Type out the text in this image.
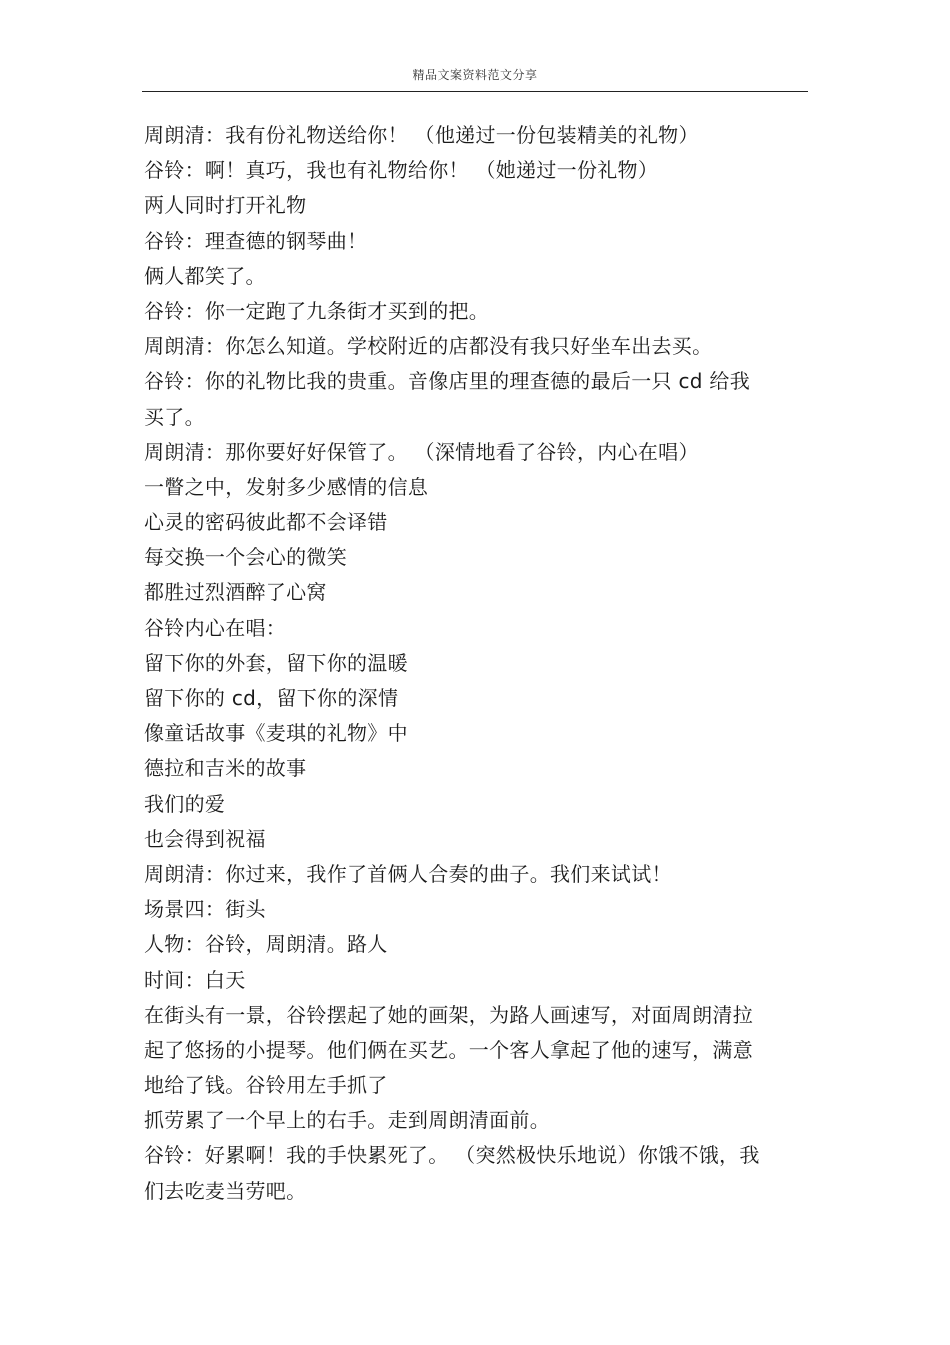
精品文案资料范文分享
周朗清：我有份礼物送给你！ （他递过一份包装精美的礼物）
谷铃：啊！真巧，我也有礼物给你！ （她递过一份礼物）
两人同时打开礼物
谷铃：理查德的钢琴曲！
俩人都笑了。
谷铃：你一定跑了九条街才买到的把。
周朗清：你怎么知道。学校附近的店都没有我只好坐车出去买。
谷铃：你的礼物比我的贵重。音像店里的理查德的最后一只 cd 给我
买了。
周朗清：那你要好好保管了。 （深情地看了谷铃，内心在唱）
一瞥之中，发射多少感情的信息
心灵的密码彼此都不会译错
每交换一个会心的微笑
都胜过烈酒醉了心窝
谷铃内心在唱：
留下你的外套，留下你的温暖
留下你的 cd，留下你的深情
像童话故事《麦琪的礼物》中
德拉和吉米的故事
我们的爱
也会得到祝福
周朗清：你过来，我作了首俩人合奏的曲子。我们来试试！
场景四：街头
人物：谷铃，周朗清。路人
时间：白天
在街头有一景，谷铃摆起了她的画架，为路人画速写，对面周朗清拉
起了悠扬的小提琴。他们俩在买艺。一个客人拿起了他的速写，满意
地给了钱。谷铃用左手抓了
抓劳累了一个早上的右手。走到周朗清面前。
谷铃：好累啊！我的手快累死了。 （突然极快乐地说）你饿不饿，我
们去吃麦当劳吧。
